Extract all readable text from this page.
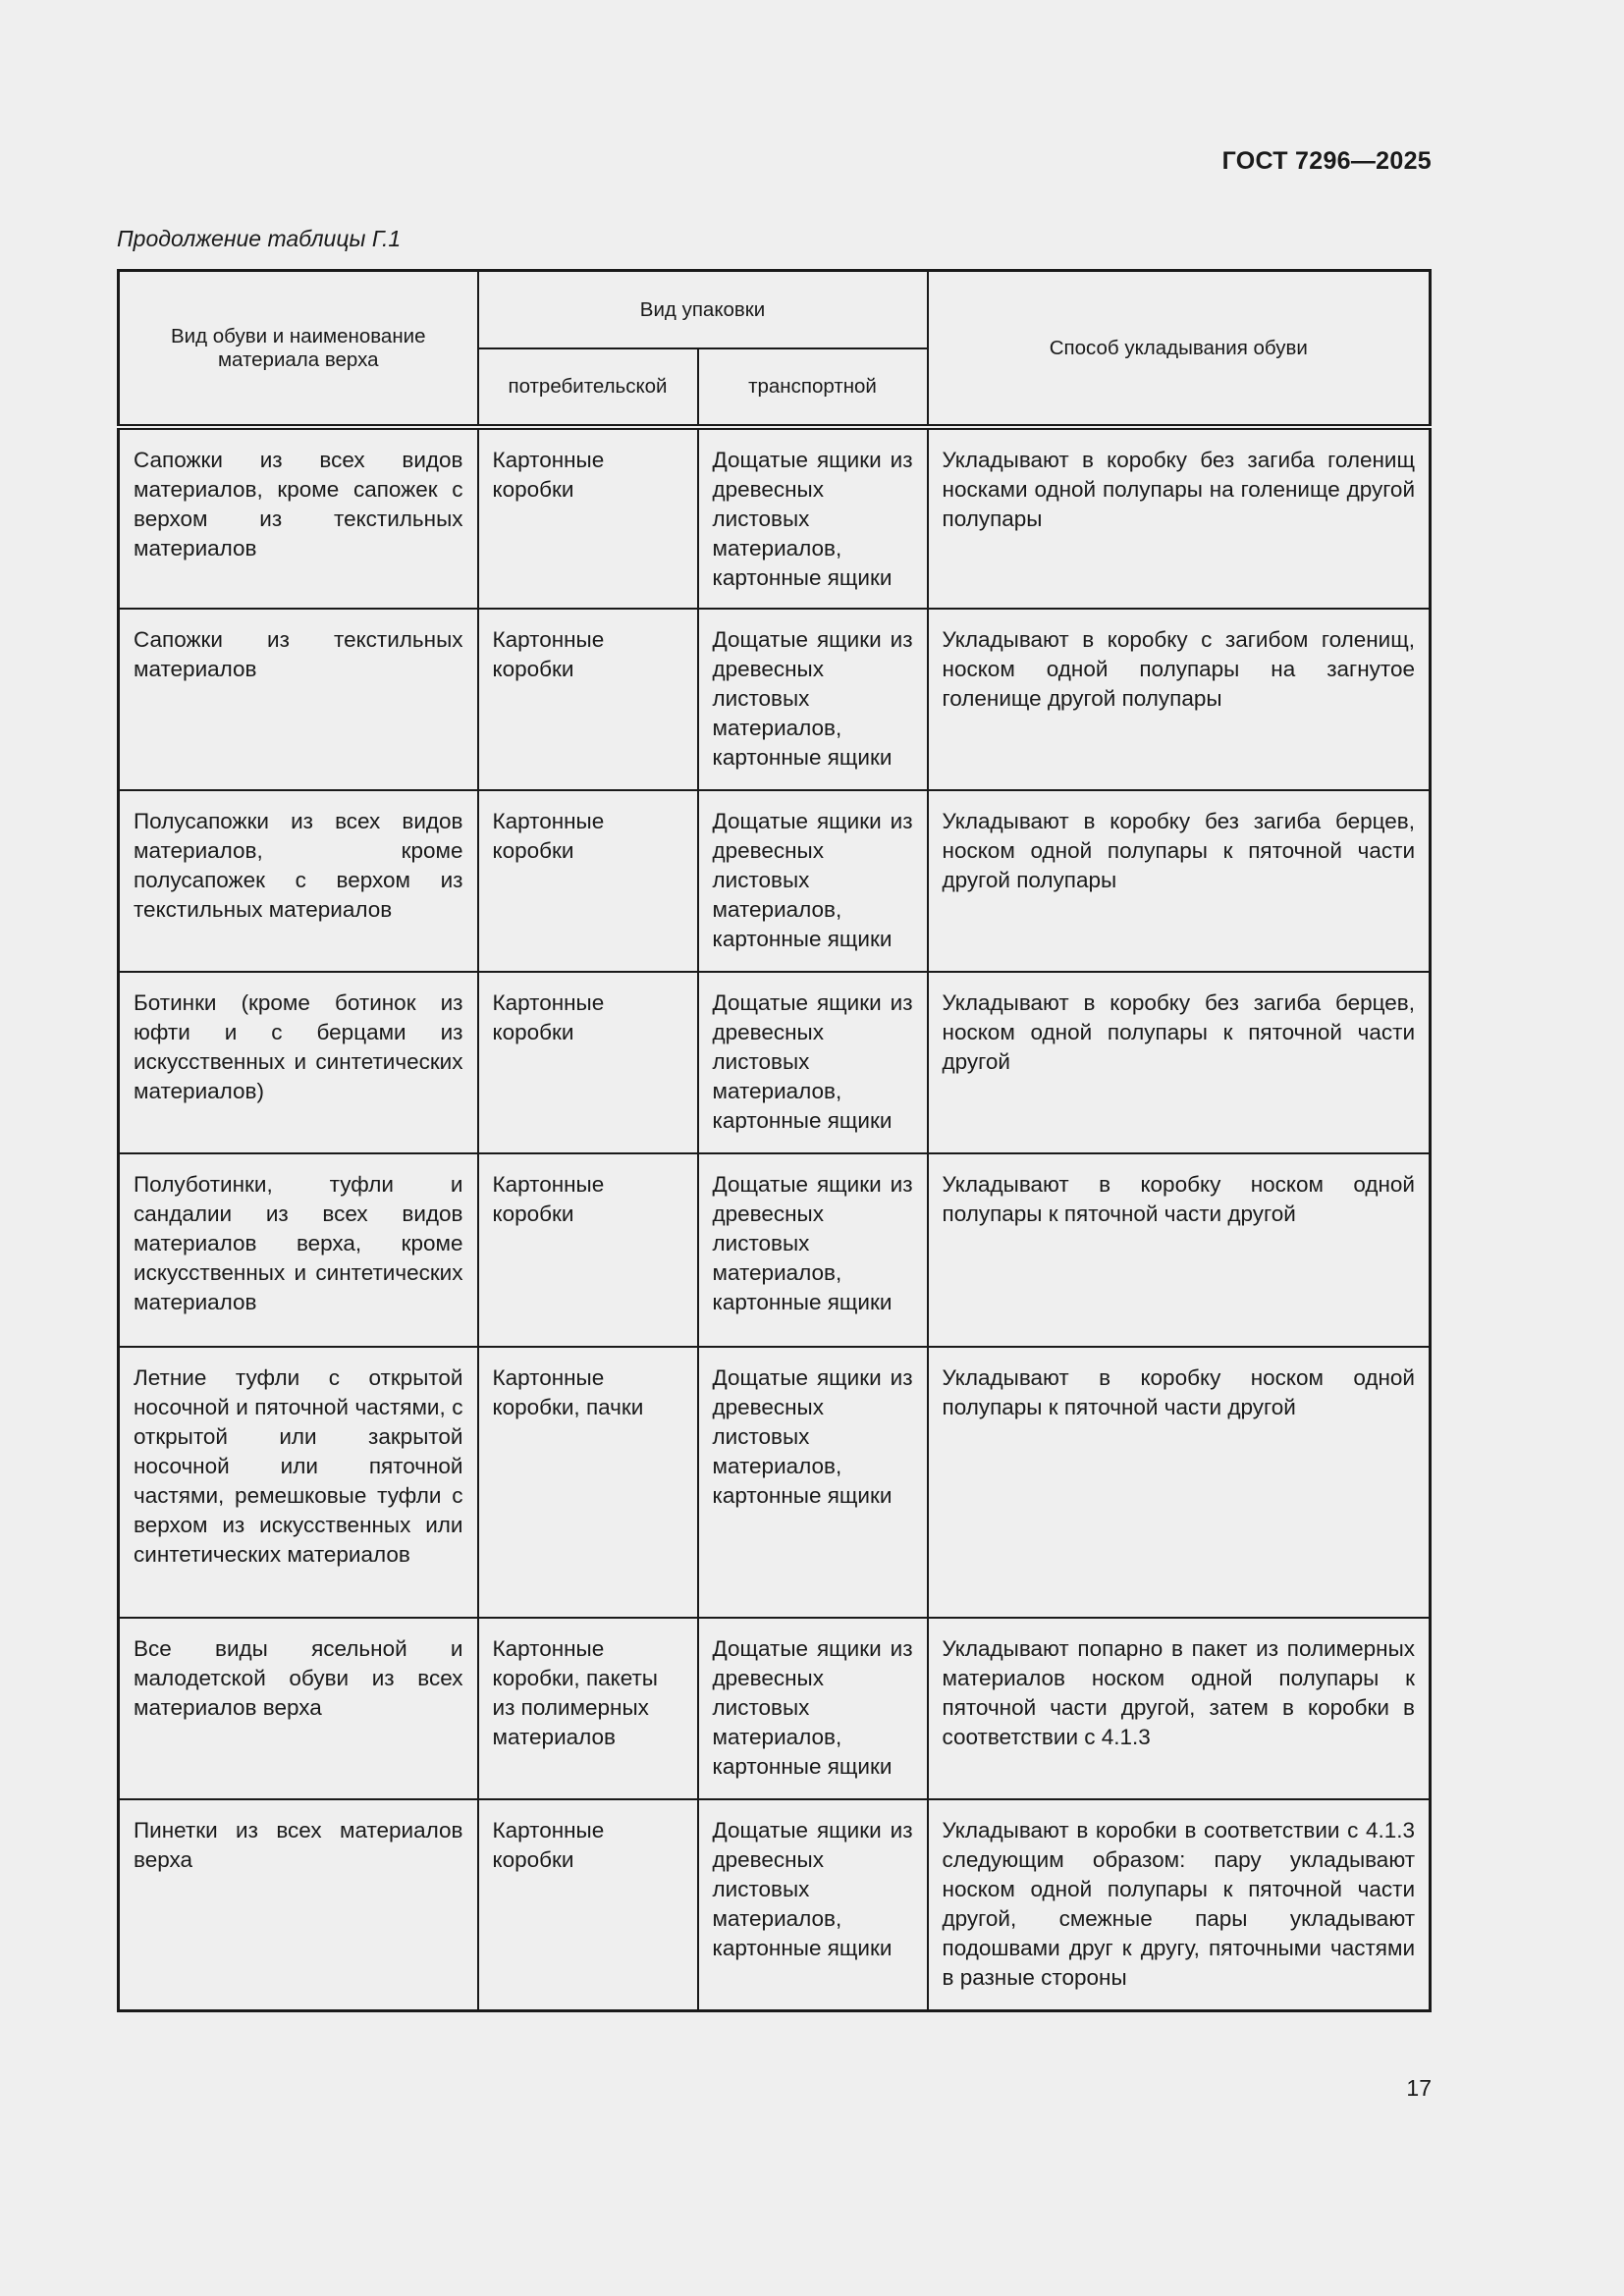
ГОСТ 7296—2025
Продолжение таблицы Г.1
Вид обуви и наименование материала верха	Вид упаковки		Способ укладывания обуви
	потребительской	транспортной	
Сапожки из всех видов материалов, кроме сапожек с верхом из текстильных материалов	Картонные коробки	Дощатые ящики из древесных листовых материалов, картонные ящики	Укладывают в коробку без загиба голенищ носками одной полупары на голенище другой полупары
Сапожки из текстильных материалов	Картонные коробки	Дощатые ящики из древесных листовых материалов, картонные ящики	Укладывают в коробку с загибом голенищ, носком одной полупары на загнутое голенище другой полупары
Полусапожки из всех видов материалов, кроме полусапожек с верхом из текстильных материалов	Картонные коробки	Дощатые ящики из древесных листовых материалов, картонные ящики	Укладывают в коробку без загиба берцев, носком одной полупары к пяточной части другой полупары
Ботинки (кроме ботинок из юфти и с берцами из искусственных и синтетических материалов)	Картонные коробки	Дощатые ящики из древесных листовых материалов, картонные ящики	Укладывают в коробку без загиба берцев, носком одной полупары к пяточной части другой
Полуботинки, туфли и сандалии из всех видов материалов верха, кроме искусственных и синтетических материалов	Картонные коробки	Дощатые ящики из древесных листовых материалов, картонные ящики	Укладывают в коробку носком одной полупары к пяточной части другой
Летние туфли с открытой носочной и пяточной частями, с открытой или закрытой носочной или пяточной частями, ремешковые туфли с верхом из искусственных или синтетических материалов	Картонные коробки, пачки	Дощатые ящики из древесных листовых материалов, картонные ящики	Укладывают в коробку носком одной полупары к пяточной части другой
Все виды ясельной и малодетской обуви из всех материалов верха	Картонные коробки, пакеты из полимерных материалов	Дощатые ящики из древесных листовых материалов, картонные ящики	Укладывают попарно в пакет из полимерных материалов носком одной полупары к пяточной части другой, затем в коробки в соответствии с 4.1.3
Пинетки из всех материалов верха	Картонные коробки	Дощатые ящики из древесных листовых материалов, картонные ящики	Укладывают в коробки в соответствии с 4.1.3 следующим образом: пару укладывают носком одной полупары к пяточной части другой, смежные пары укладывают подошвами друг к другу, пяточными частями в разные стороны
17
